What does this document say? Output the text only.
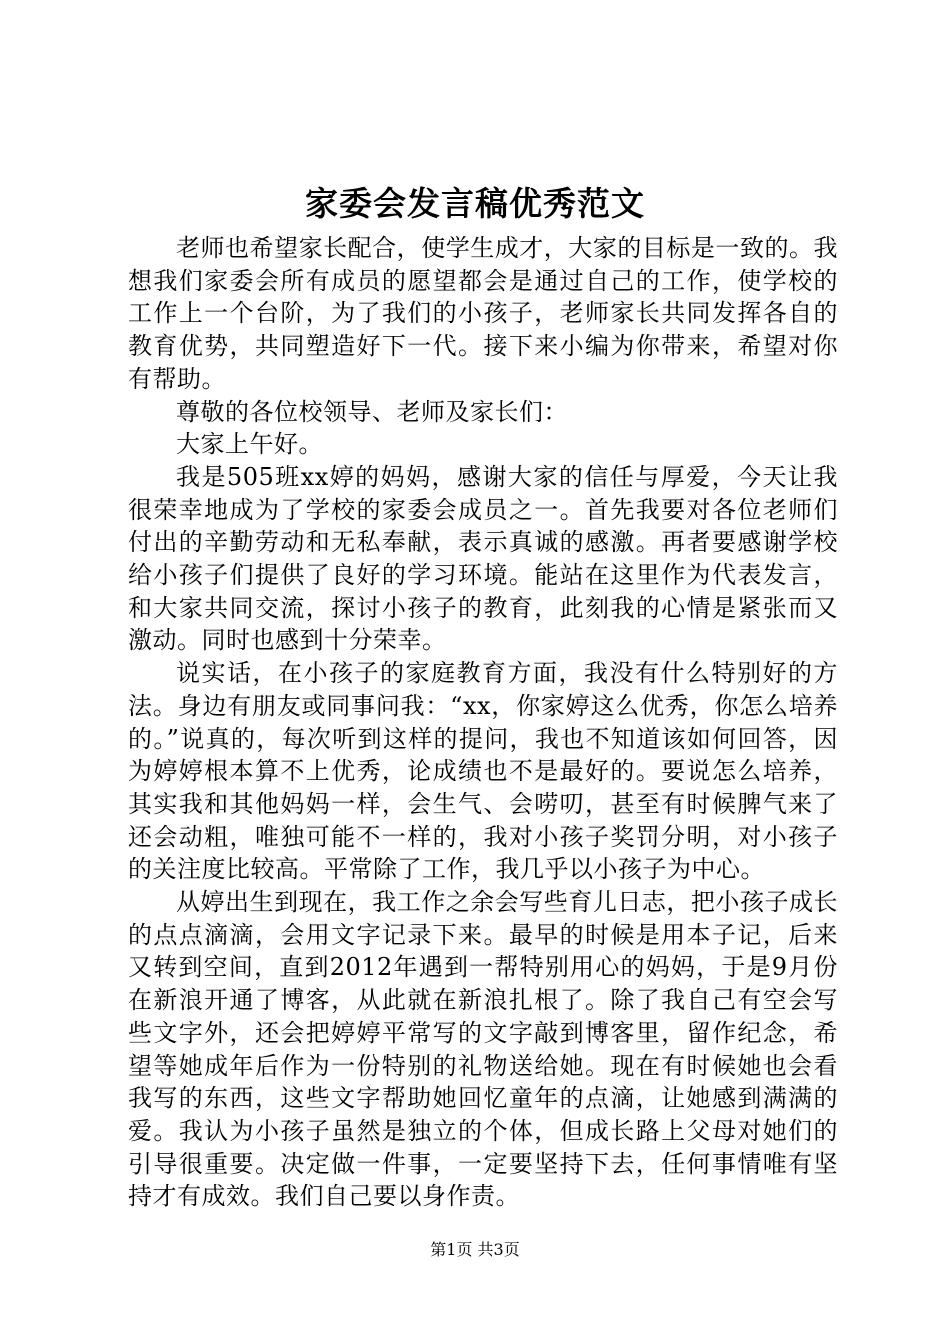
家委会发言稿优秀范文

老师也希望家长配合，使学生成才，大家的目标是一致的。我想我们家委会所有成员的愿望都会是通过自己的工作，使学校的工作上一个台阶，为了我们的小孩子，老师家长共同发挥各自的教育优势，共同塑造好下一代。接下来小编为你带来，希望对你有帮助。

尊敬的各位校领导、老师及家长们：

大家上午好。

我是505班xx婷的妈妈，感谢大家的信任与厚爱，今天让我很荣幸地成为了学校的家委会成员之一。首先我要对各位老师们付出的辛勤劳动和无私奉献，表示真诚的感激。再者要感谢学校给小孩子们提供了良好的学习环境。能站在这里作为代表发言，和大家共同交流，探讨小孩子的教育，此刻我的心情是紧张而又激动。同时也感到十分荣幸。

说实话，在小孩子的家庭教育方面，我没有什么特别好的方法。身边有朋友或同事问我：“xx，你家婷这么优秀，你怎么培养的。”说真的，每次听到这样的提问，我也不知道该如何回答，因为婷婷根本算不上优秀，论成绩也不是最好的。要说怎么培养，其实我和其他妈妈一样，会生气、会唠叨，甚至有时候脾气来了还会动粗，唯独可能不一样的，我对小孩子奖罚分明，对小孩子的关注度比较高。平常除了工作，我几乎以小孩子为中心。

从婷出生到现在，我工作之余会写些育儿日志，把小孩子成长的点点滴滴，会用文字记录下来。最早的时候是用本子记，后来又转到空间，直到2012年遇到一帮特别用心的妈妈，于是9月份在新浪开通了博客，从此就在新浪扎根了。除了我自己有空会写些文字外，还会把婷婷平常写的文字敲到博客里，留作纪念，希望等她成年后作为一份特别的礼物送给她。现在有时候她也会看我写的东西，这些文字帮助她回忆童年的点滴，让她感到满满的爱。我认为小孩子虽然是独立的个体，但成长路上父母对她们的引导很重要。决定做一件事，一定要坚持下去，任何事情唯有坚持才有成效。我们自己要以身作责。

第1页 共3页
